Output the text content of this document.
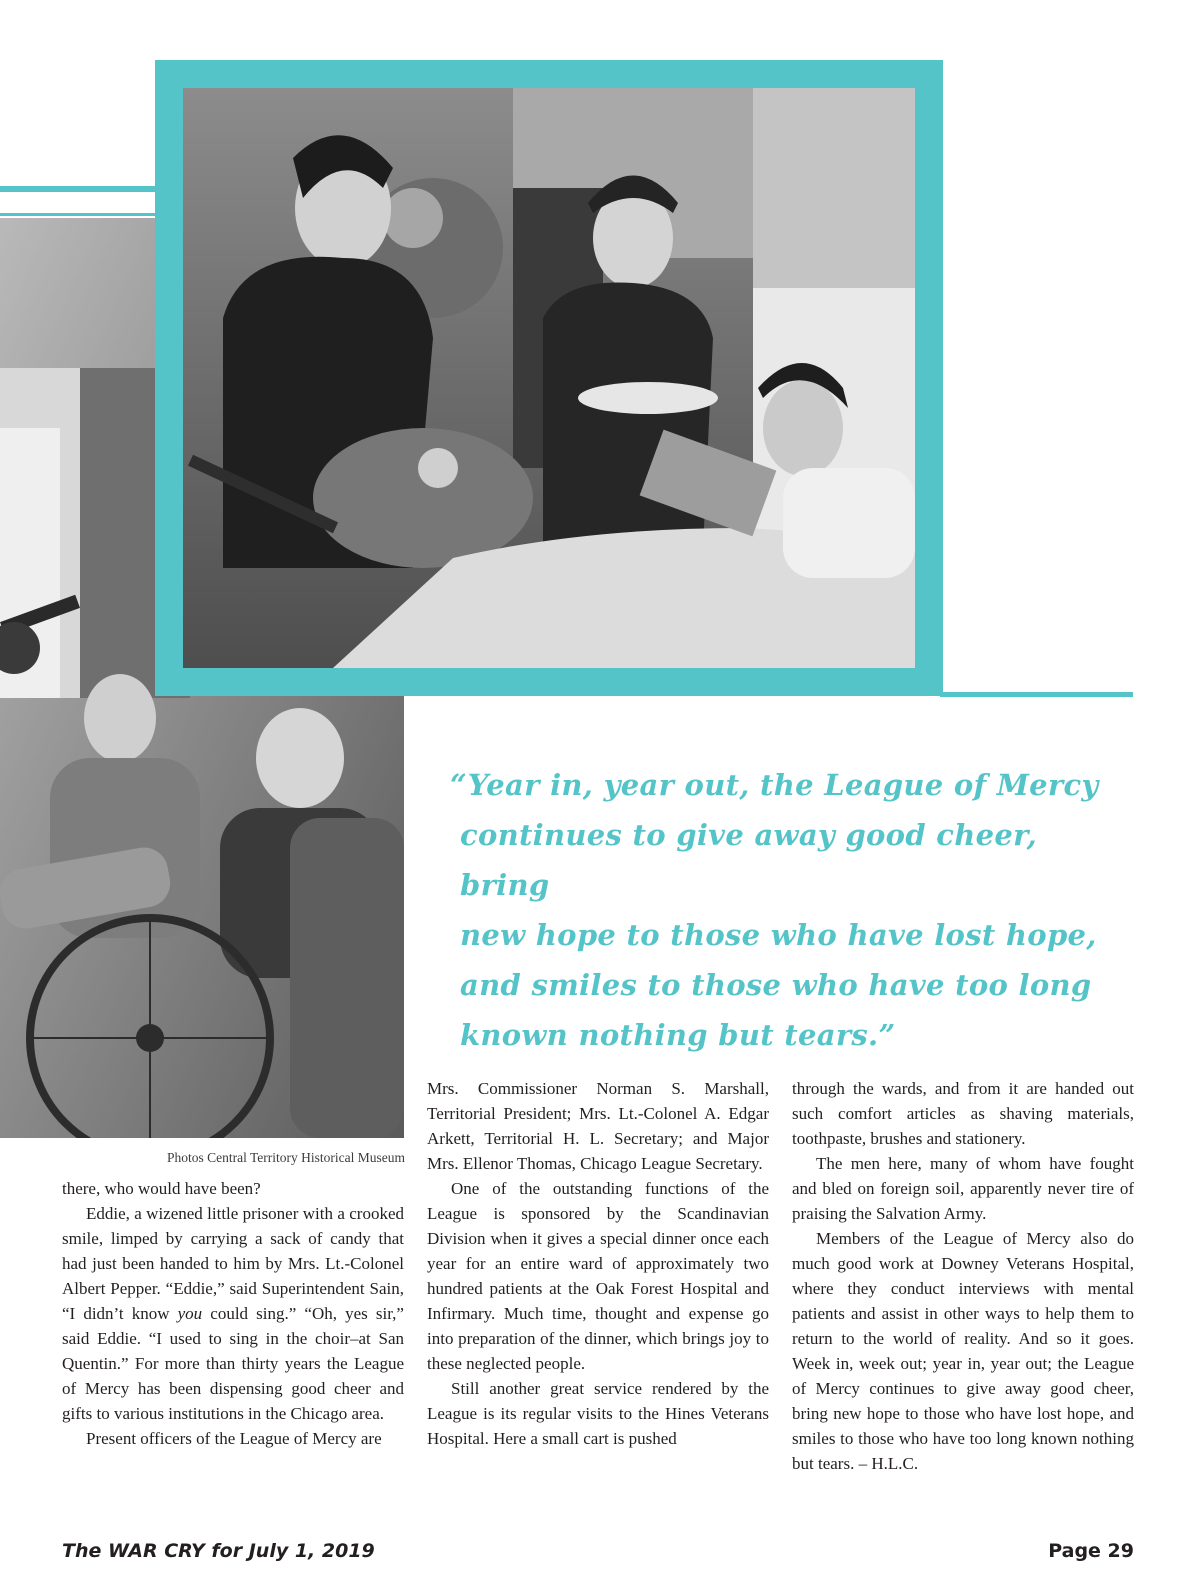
Photos Central Territory Historical Museum

“Year in, year out, the League of Mercy

continues to give away good cheer, bring

new hope to those who have lost hope,

and smiles to those who have too long

known nothing but tears.”

there, who would have been?

Eddie, a wizened little prisoner with a crooked smile, limped by carrying a sack of candy that had just been handed to him by Mrs. Lt.-Colonel Albert Pepper. “Eddie,” said Superintendent Sain, “I didn’t know you could sing.” “Oh, yes sir,” said Eddie. “I used to sing in the choir–at San Quentin.” For more than thirty years the League of Mercy has been dispensing good cheer and gifts to various institutions in the Chicago area.

Present officers of the League of Mercy are

Mrs. Commissioner Norman S. Marshall, Territorial President; Mrs. Lt.-Colonel A. Edgar Arkett, Territorial H. L. Secretary; and Major Mrs. Ellenor Thomas, Chicago League Secretary.

One of the outstanding functions of the League is sponsored by the Scandinavian Division when it gives a special dinner once each year for an entire ward of approximately two hundred patients at the Oak Forest Hospital and Infirmary. Much time, thought and expense go into preparation of the dinner, which brings joy to these neglected people.

Still another great service rendered by the League is its regular visits to the Hines Veterans Hospital. Here a small cart is pushed

through the wards, and from it are handed out such comfort articles as shaving materials, toothpaste, brushes and stationery.

The men here, many of whom have fought and bled on foreign soil, apparently never tire of praising the Salvation Army.

Members of the League of Mercy also do much good work at Downey Veterans Hospital, where they conduct interviews with mental patients and assist in other ways to help them to return to the world of reality. And so it goes. Week in, week out; year in, year out; the League of Mercy continues to give away good cheer, bring new hope to those who have lost hope, and smiles to those who have too long known nothing but tears. – H.L.C.

The WAR CRY for July 1, 2019	Page 29
